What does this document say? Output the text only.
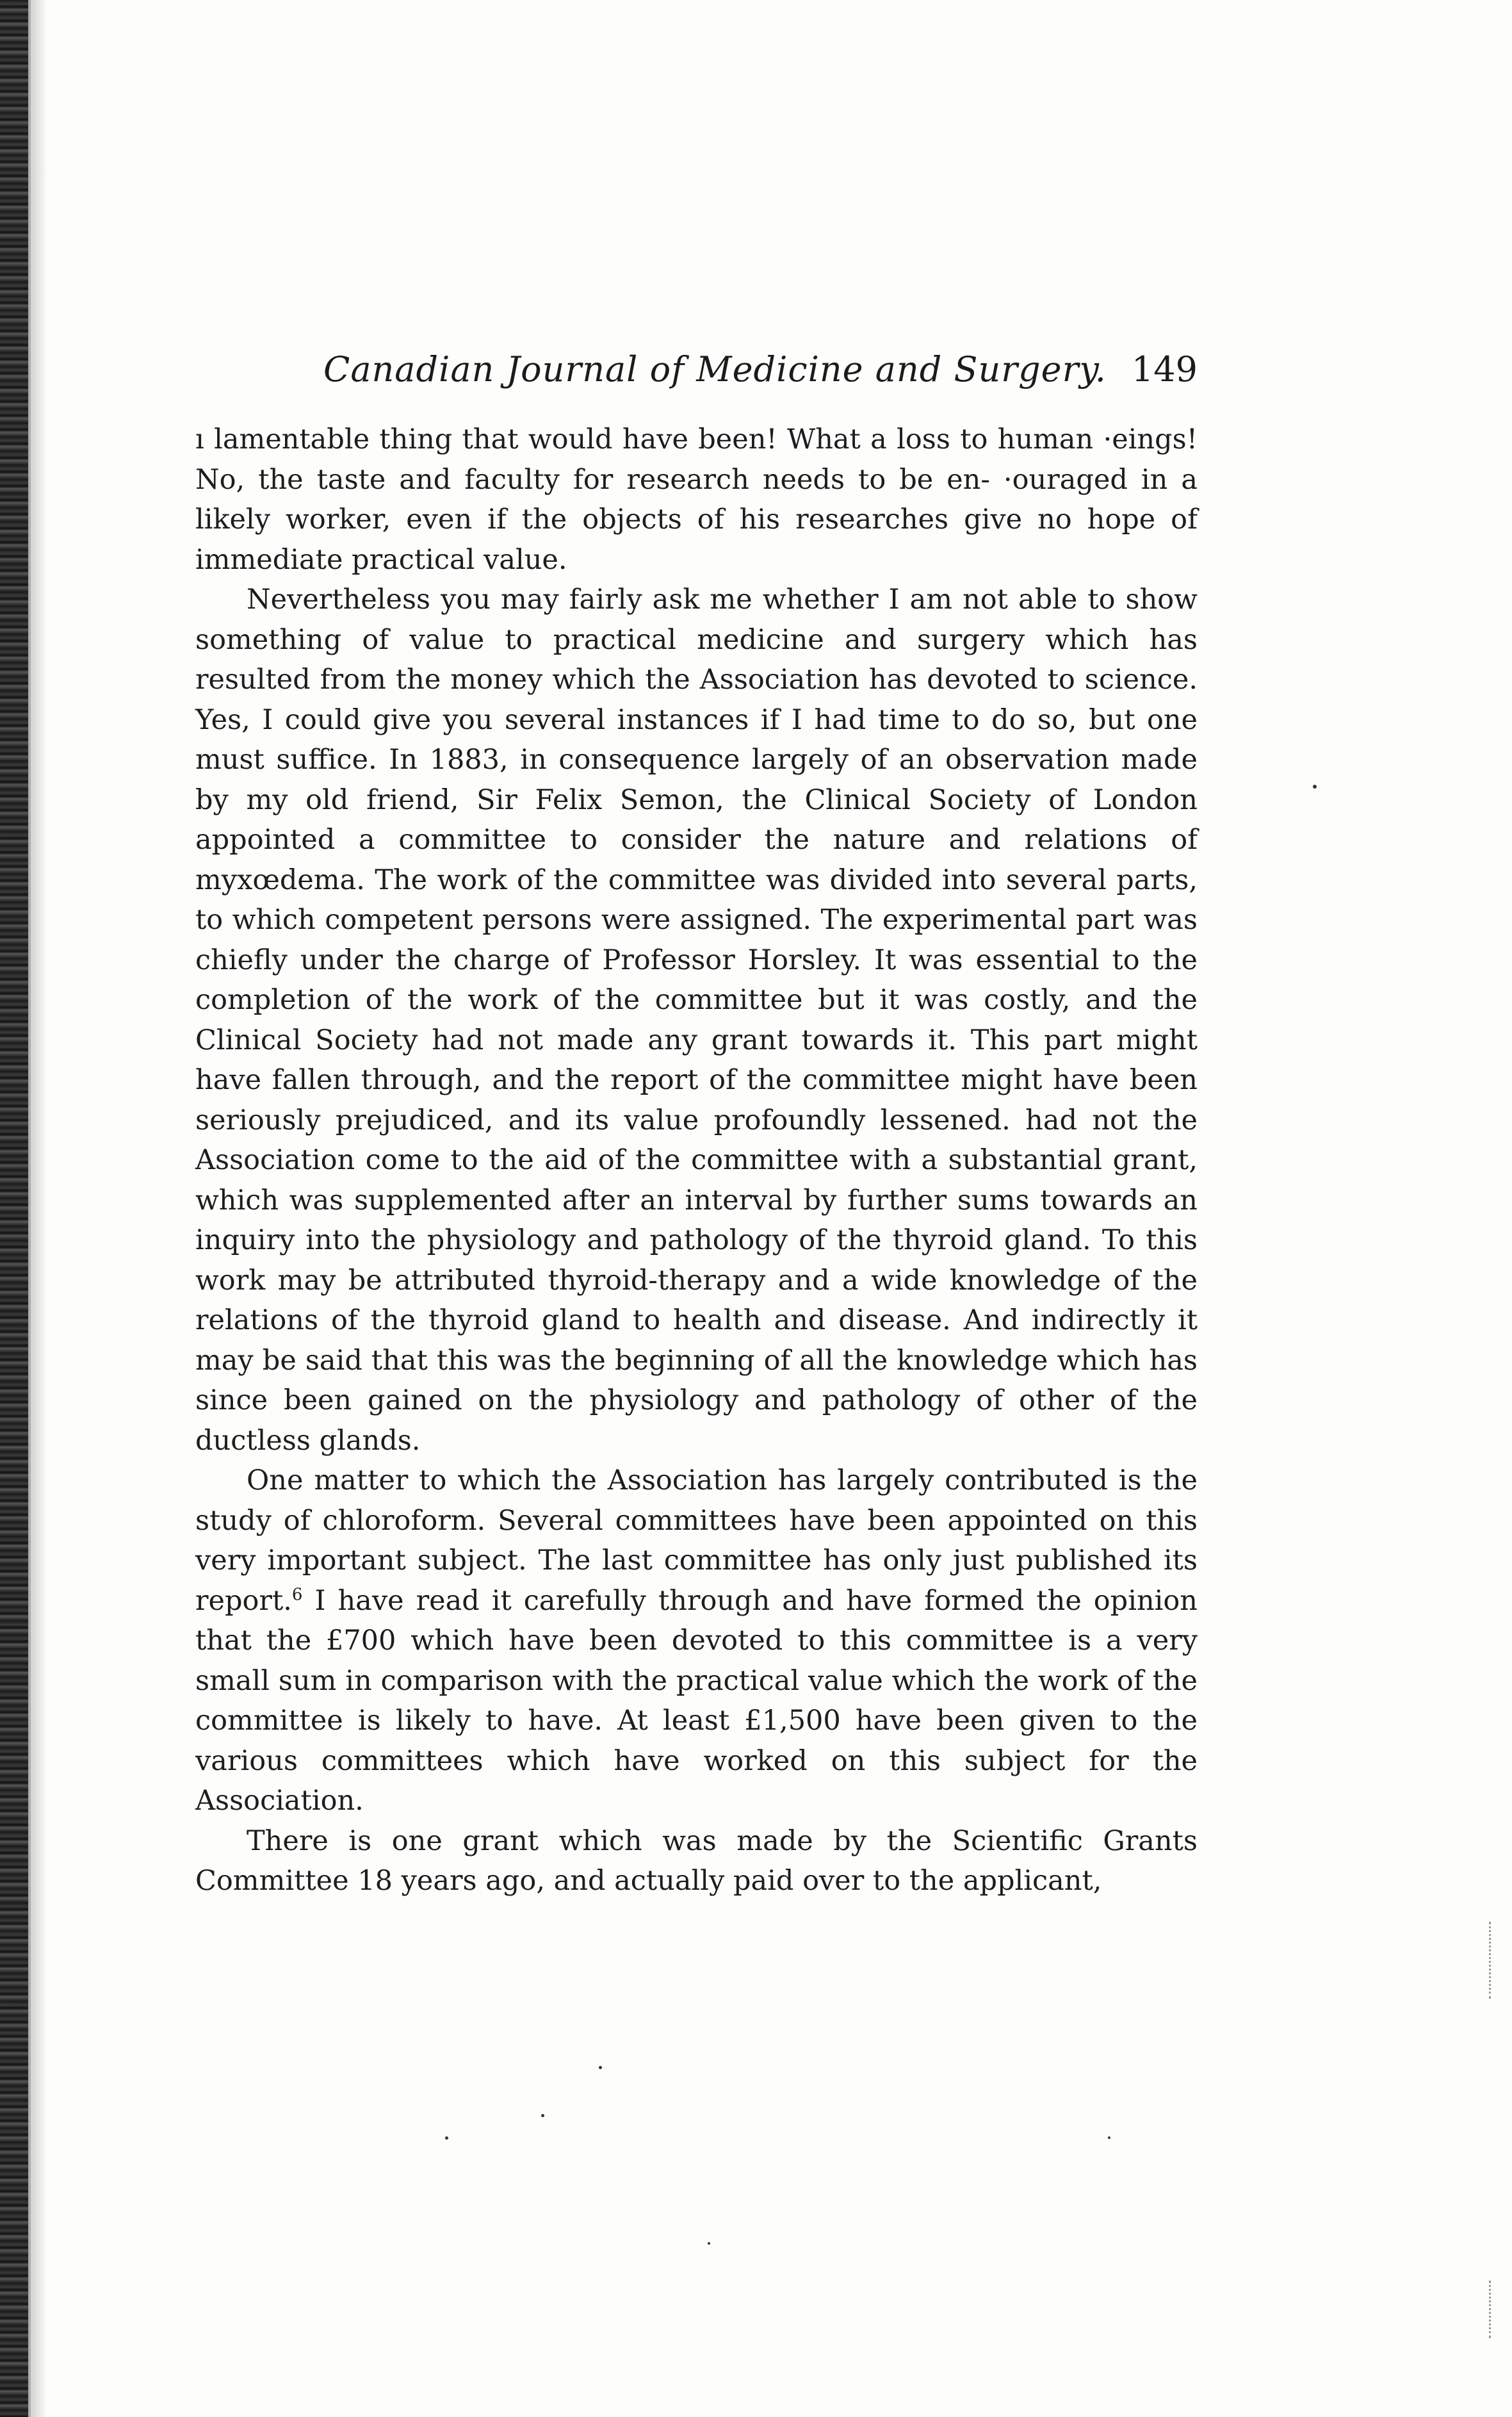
Canadian Journal of Medicine and Surgery. 149

ı lamentable thing that would have been! What a loss to human ·eings! No, the taste and faculty for research needs to be en- ·ouraged in a likely worker, even if the objects of his researches give no hope of immediate practical value.

Nevertheless you may fairly ask me whether I am not able to show something of value to practical medicine and surgery which has resulted from the money which the Association has devoted to science. Yes, I could give you several instances if I had time to do so, but one must suffice. In 1883, in consequence largely of an observation made by my old friend, Sir Felix Semon, the Clinical Society of London appointed a committee to consider the nature and relations of myxœdema. The work of the committee was divided into several parts, to which competent persons were assigned. The experimental part was chiefly under the charge of Professor Horsley. It was essential to the completion of the work of the committee but it was costly, and the Clinical Society had not made any grant towards it. This part might have fallen through, and the report of the committee might have been seriously prejudiced, and its value profoundly lessened. had not the Association come to the aid of the committee with a substantial grant, which was supplemented after an interval by further sums towards an inquiry into the physiology and pathology of the thyroid gland. To this work may be attributed thyroid-therapy and a wide knowledge of the relations of the thyroid gland to health and disease. And indirectly it may be said that this was the beginning of all the knowledge which has since been gained on the physiology and pathology of other of the ductless glands.

One matter to which the Association has largely contributed is the study of chloroform. Several committees have been appointed on this very important subject. The last committee has only just published its report.$^6$ I have read it carefully through and have formed the opinion that the £700 which have been devoted to this committee is a very small sum in comparison with the practical value which the work of the committee is likely to have. At least £1,500 have been given to the various committees which have worked on this subject for the Association.

There is one grant which was made by the Scientific Grants Committee 18 years ago, and actually paid over to the applicant,
